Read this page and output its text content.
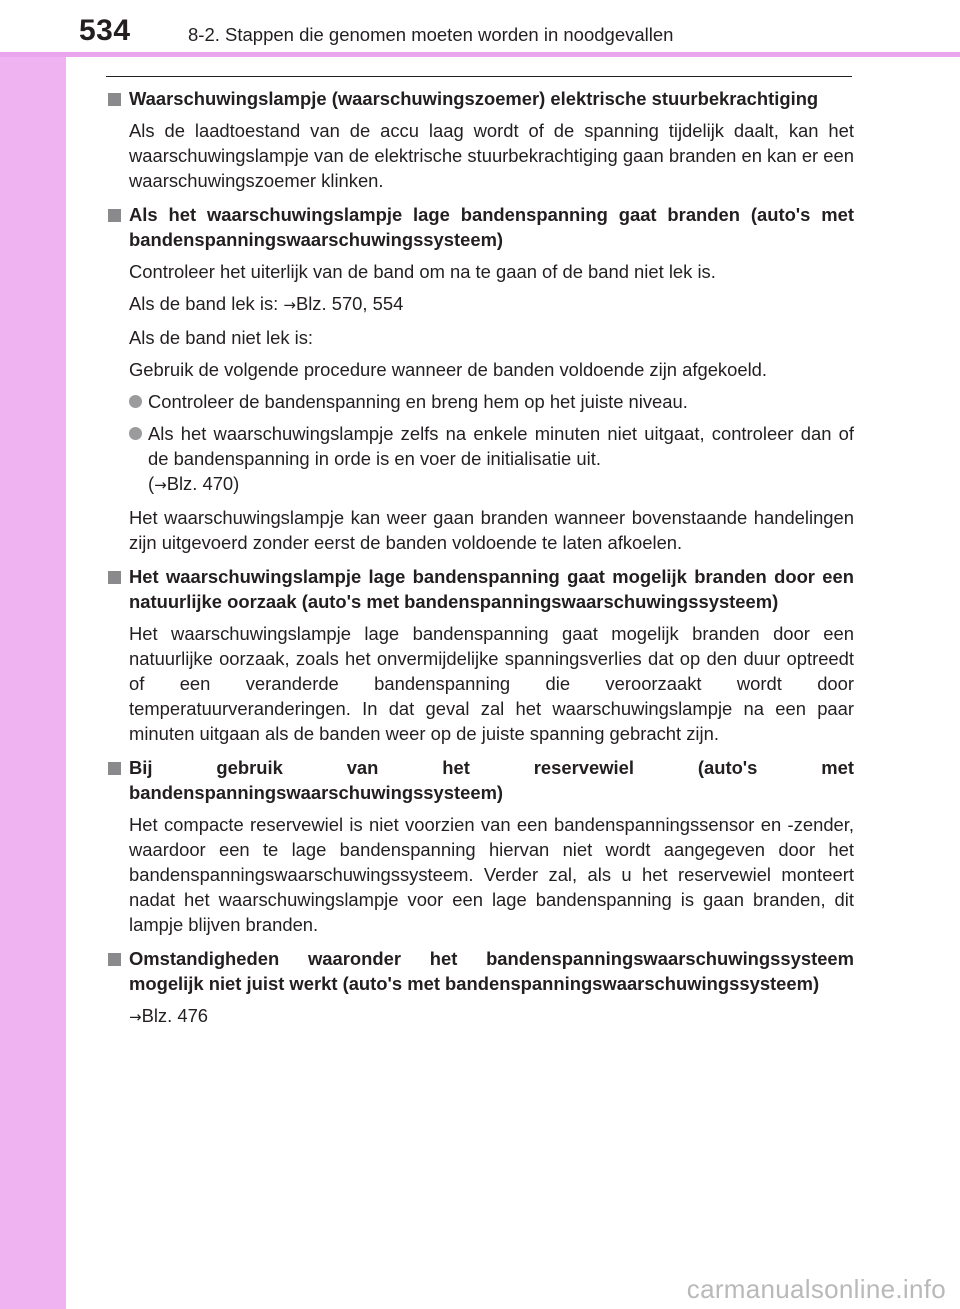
534	8-2. Stappen die genomen moeten worden in noodgevallen
Waarschuwingslampje (waarschuwingszoemer) elektrische stuurbekrachtiging
Als de laadtoestand van de accu laag wordt of de spanning tijdelijk daalt, kan het waarschuwingslampje van de elektrische stuurbekrachtiging gaan branden en kan er een waarschuwingszoemer klinken.
Als het waarschuwingslampje lage bandenspanning gaat branden (auto's met bandenspanningswaarschuwingssysteem)
Controleer het uiterlijk van de band om na te gaan of de band niet lek is.
Als de band lek is: →Blz. 570, 554
Als de band niet lek is:
Gebruik de volgende procedure wanneer de banden voldoende zijn afgekoeld.
Controleer de bandenspanning en breng hem op het juiste niveau.
Als het waarschuwingslampje zelfs na enkele minuten niet uitgaat, controleer dan of de bandenspanning in orde is en voer de initialisatie uit.
(→Blz. 470)
Het waarschuwingslampje kan weer gaan branden wanneer bovenstaande handelingen zijn uitgevoerd zonder eerst de banden voldoende te laten afkoelen.
Het waarschuwingslampje lage bandenspanning gaat mogelijk branden door een natuurlijke oorzaak (auto's met bandenspanningswaarschuwingssysteem)
Het waarschuwingslampje lage bandenspanning gaat mogelijk branden door een natuurlijke oorzaak, zoals het onvermijdelijke spanningsverlies dat op den duur optreedt of een veranderde bandenspanning die veroorzaakt wordt door temperatuurveranderingen. In dat geval zal het waarschuwingslampje na een paar minuten uitgaan als de banden weer op de juiste spanning gebracht zijn.
Bij gebruik van het reservewiel (auto's met bandenspanningswaarschuwingssysteem)
Het compacte reservewiel is niet voorzien van een bandenspanningssensor en -zender, waardoor een te lage bandenspanning hiervan niet wordt aangegeven door het bandenspanningswaarschuwingssysteem. Verder zal, als u het reservewiel monteert nadat het waarschuwingslampje voor een lage bandenspanning is gaan branden, dit lampje blijven branden.
Omstandigheden waaronder het bandenspanningswaarschuwingssysteem mogelijk niet juist werkt (auto's met bandenspanningswaarschuwingssysteem)
→Blz. 476
carmanualsonline.info
